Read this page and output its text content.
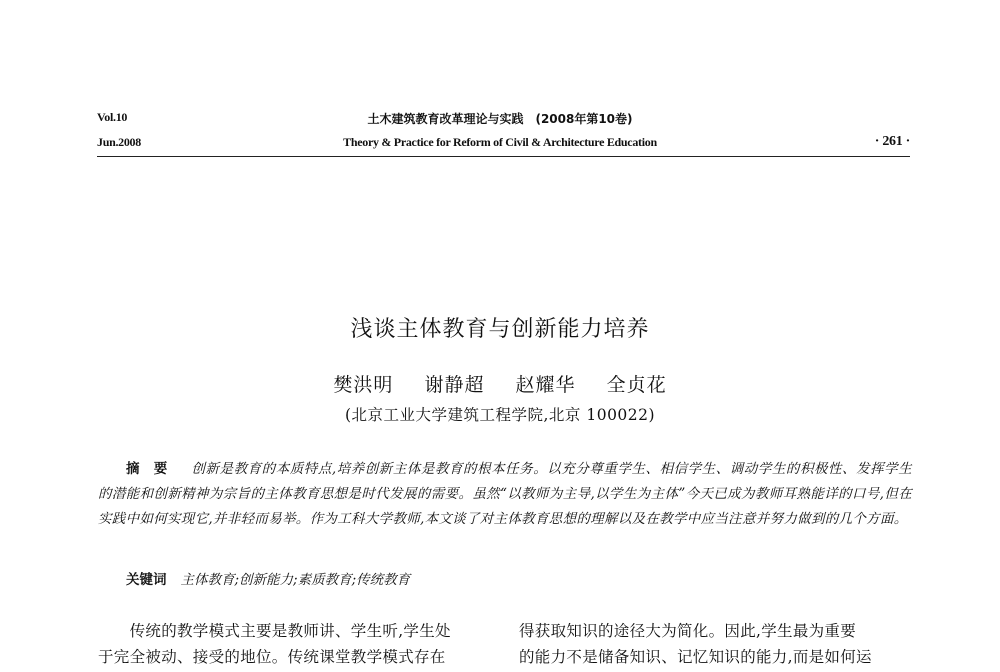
Vol.10
Jun.2008
土木建筑教育改革理论与实践　(2008年第10卷)
Theory & Practice for Reform of Civil & Architecture Education	· 261 ·
浅谈主体教育与创新能力培养
樊洪明 谢静超 赵耀华 全贞花
(北京工业大学建筑工程学院,北京 100022)
摘要 创新是教育的本质特点,培养创新主体是教育的根本任务。以充分尊重学生、相信学生、调动学生的积极性、发挥学生的潜能和创新精神为宗旨的主体教育思想是时代发展的需要。虽然“以教师为主导,以学生为主体”今天已成为教师耳熟能详的口号,但在实践中如何实现它,并非轻而易举。作为工科大学教师,本文谈了对主体教育思想的理解以及在教学中应当注意并努力做到的几个方面。
关键词 主体教育;创新能力;素质教育;传统教育
　　传统的教学模式主要是教师讲、学生听,学生处
于完全被动、接受的地位。传统课堂教学模式存在
得获取知识的途径大为简化。因此,学生最为重要
的能力不是储备知识、记忆知识的能力,而是如何运
